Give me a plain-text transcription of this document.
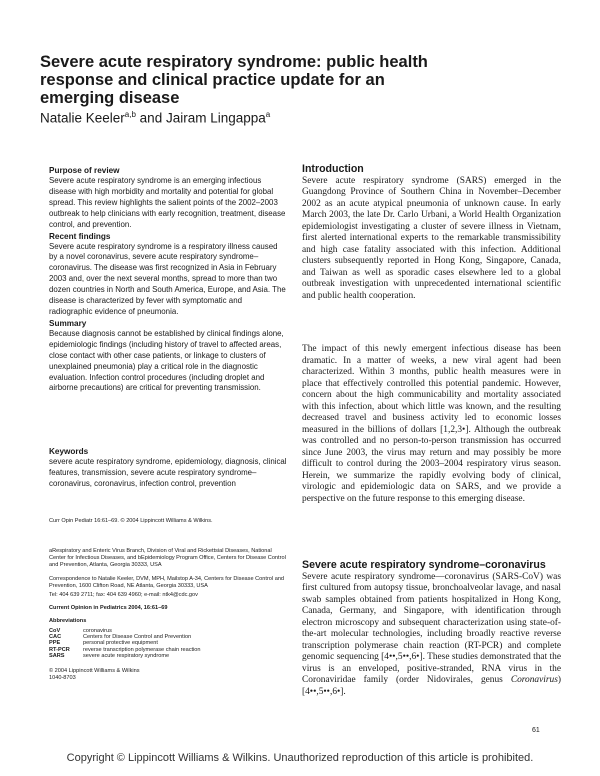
Severe acute respiratory syndrome: public health response and clinical practice update for an emerging disease
Natalie Keeler$^{a,b}$ and Jairam Lingappa$^a$
Purpose of review

Severe acute respiratory syndrome is an emerging infectious disease with high morbidity and mortality and potential for global spread. This review highlights the salient points of the 2002–2003 outbreak to help clinicians with early recognition, treatment, disease control, and prevention.

Recent findings

Severe acute respiratory syndrome is a respiratory illness caused by a novel coronavirus, severe acute respiratory syndrome–coronavirus. The disease was first recognized in Asia in February 2003 and, over the next several months, spread to more than two dozen countries in North and South America, Europe, and Asia. The disease is characterized by fever with symptomatic and radiographic evidence of pneumonia.

Summary

Because diagnosis cannot be established by clinical findings alone, epidemiologic findings (including history of travel to affected areas, close contact with other case patients, or linkage to clusters of unexplained pneumonia) play a critical role in the diagnostic evaluation. Infection control procedures (including droplet and airborne precautions) are critical for preventing transmission.

Keywords

severe acute respiratory syndrome, epidemiology, diagnosis, clinical features, transmission, severe acute respiratory syndrome–coronavirus, coronavirus, infection control, prevention

Curr Opin Pediatr 16:61–69. © 2004 Lippincott Williams & Wilkins.

aRespiratory and Enteric Virus Branch, Division of Viral and Rickettsial Diseases, National Center for Infectious Diseases, and bEpidemiology Program Office, Centers for Disease Control and Prevention, Atlanta, Georgia 30333, USA

Correspondence to Natalie Keeler, DVM, MPH, Mailstop A-34, Centers for Disease Control and Prevention, 1600 Clifton Road, NE Atlanta, Georgia 30333, USA

Tel: 404 639 2711; fax: 404 639 4960; e-mail: ntk4@cdc.gov

Current Opinion in Pediatrics 2004, 16:61–69

Abbreviations

CoV	coronavirus
CAC	Centers for Disease Control and Prevention
PPE	personal protective equipment
RT-PCR	reverse transcription polymerase chain reaction
SARS	severe acute respiratory syndrome

© 2004 Lippincott Williams & Wilkins

1040-8703

Introduction

Severe acute respiratory syndrome (SARS) emerged in the Guangdong Province of Southern China in November–December 2002 as an acute atypical pneumonia of unknown cause. In early March 2003, the late Dr. Carlo Urbani, a World Health Organization epidemiologist investigating a cluster of severe illness in Vietnam, first alerted international experts to the remarkable transmissibility and high case fatality associated with this infection. Additional clusters subsequently reported in Hong Kong, Singapore, Canada, and Taiwan as well as sporadic cases elsewhere led to a global outbreak investigation with unprecedented international scientific and public health cooperation.

The impact of this newly emergent infectious disease has been dramatic. In a matter of weeks, a new viral agent had been characterized. Within 3 months, public health measures were in place that effectively controlled this potential pandemic. However, concern about the high communicability and mortality associated with this infection, about which little was known, and the resulting decreased travel and business activity led to economic losses measured in the billions of dollars [1,2,3•]. Although the outbreak was controlled and no person-to-person transmission has occurred since June 2003, the virus may return and may possibly be more difficult to control during the 2003–2004 respiratory virus season. Herein, we summarize the rapidly evolving body of clinical, virologic and epidemiologic data on SARS, and we provide a perspective on the future response to this emerging disease.

Severe acute respiratory syndrome–coronavirus

Severe acute respiratory syndrome—coronavirus (SARS-CoV) was first cultured from autopsy tissue, bronchoalveolar lavage, and nasal swab samples obtained from patients hospitalized in Hong Kong, Canada, Germany, and Singapore, with identification through electron microscopy and subsequent characterization using state-of-the-art molecular technologies, including broadly reactive reverse transcription polymerase chain reaction (RT-PCR) and complete genomic sequencing [4••,5••,6•]. These studies demonstrated that the virus is an enveloped, positive-stranded, RNA virus in the Coronaviridae family (order Nidovirales, genus Coronavirus) [4••,5••,6•].

61
Copyright © Lippincott Williams & Wilkins. Unauthorized reproduction of this article is prohibited.
